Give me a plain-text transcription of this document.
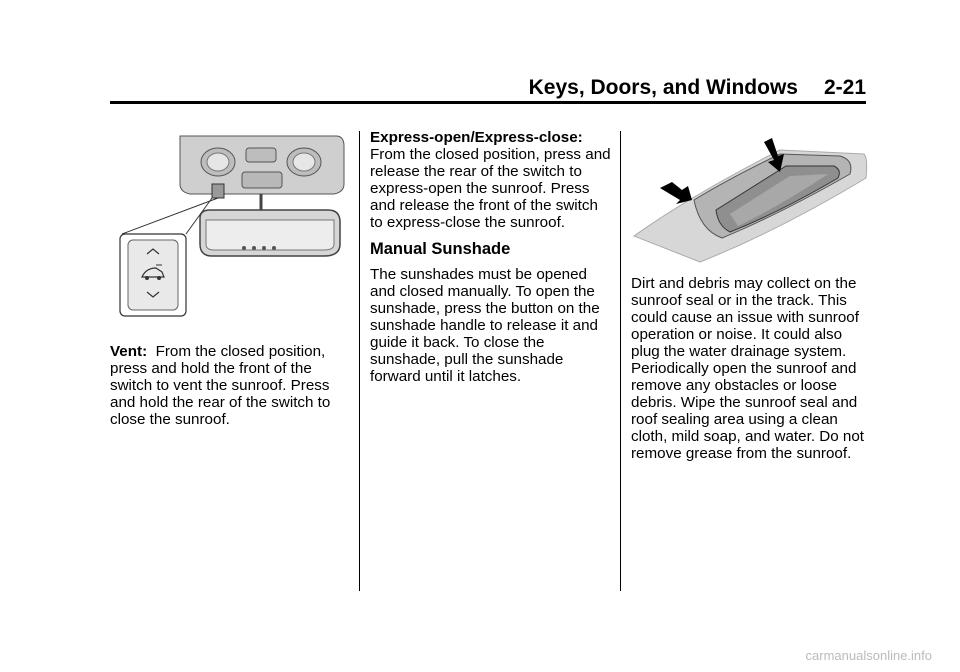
Keys, Doors, and Windows 2-21

Vent: From the closed position, press and hold the front of the switch to vent the sunroof. Press and hold the rear of the switch to close the sunroof.

Express-open/Express-close:

From the closed position, press and release the rear of the switch to express-open the sunroof. Press and release the front of the switch to express-close the sunroof.

Manual Sunshade

The sunshades must be opened and closed manually. To open the sunshade, press the button on the sunshade handle to release it and guide it back. To close the sunshade, pull the sunshade forward until it latches.

Dirt and debris may collect on the sunroof seal or in the track. This could cause an issue with sunroof operation or noise. It could also plug the water drainage system. Periodically open the sunroof and remove any obstacles or loose debris. Wipe the sunroof seal and roof sealing area using a clean cloth, mild soap, and water. Do not remove grease from the sunroof.

carmanualsonline.info
